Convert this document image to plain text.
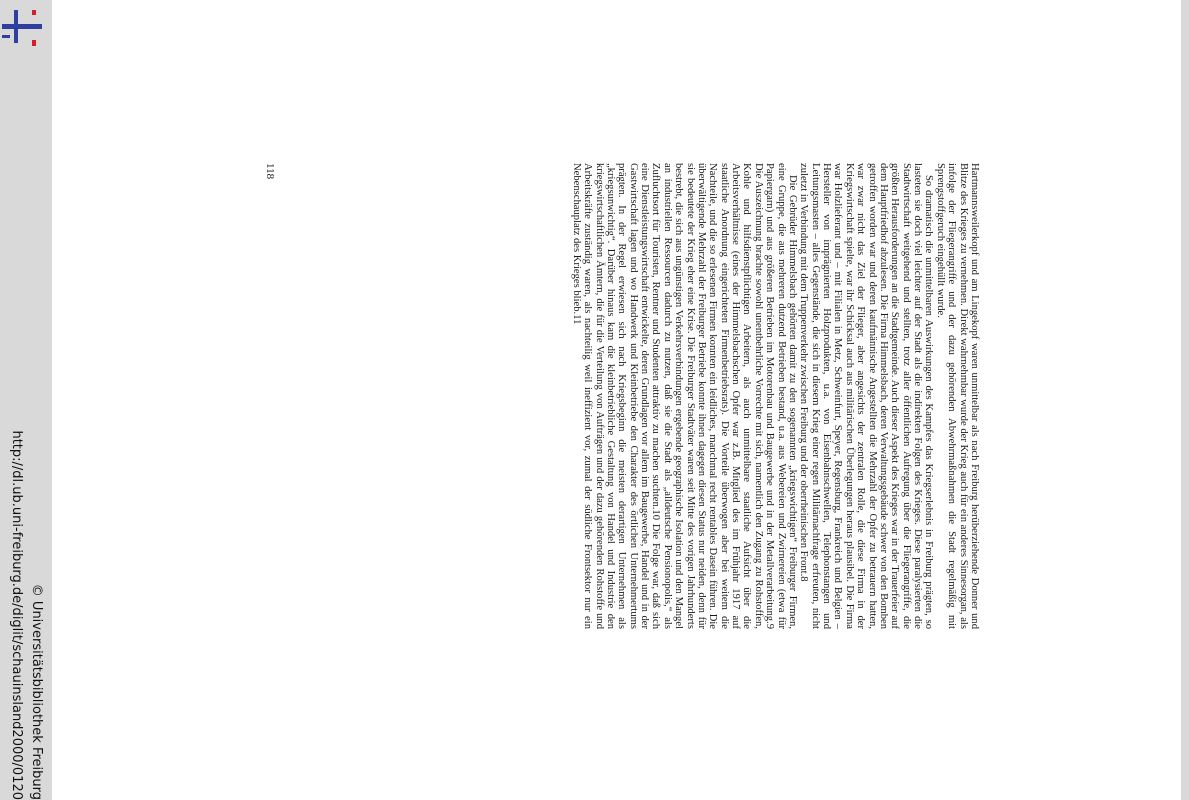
http://dl.ub.uni-freiburg.de/diglit/schauinsland2000/0120 © Universitätsbibliothek Freiburg

Hartmannsweilerkopf und am Lingekopf waren unmittelbar als nach Freiburg herüberziehende Donner und Blitze des Krieges zu vernehmen. Direkt wahrnehmbar wurde der Krieg auch für ein anderes Sinnesorgan, als infolge der Fliegerangriffe und der dazu gehörenden Abwehrmaßnahmen die Stadt regelmäßig mit Sprengstoffgeruch eingehüllt wurde.

So dramatisch die unmittelbaren Auswirkungen des Kampfes das Kriegserlebnis in Freiburg prägten, so lasteten sie doch viel leichter auf der Stadt als die indirekten Folgen des Krieges. Diese paralysierten die Stadtwirtschaft weitgehend und stellten, trotz aller öffentlichen Aufregung über die Fliegerangriffe, die größten Herausforderungen an die Stadtgemeinde. Auch dieser Aspekt des Krieges war in der Trauerfeier auf dem Hauptfriedhof abzulesen. Die Firma Himmelsbach, deren Verwaltungsgebäude schwer von den Bomben getroffen worden war und deren kaufmännische Angestellten die Mehrzahl der Opfer zu betrauern hatten, war zwar nicht das Ziel der Flieger, aber angesichts der zentralen Rolle, die diese Firma in der Kriegswirtschaft spielte, war ihr Schicksal auch aus militärischen Überlegungen heraus plausibel. Die Firma war Holzlieferant und – mit Filialen in Metz, Schweinfurt, Speyer, Regensburg, Frankreich und Belgien – Hersteller von imprägnierten Holzprodukten, u.a. von Eisenbahnschwellen, Telephonstangen und Leitungsmasten – alles Gegenstände, die sich in diesem Krieg einer regen Militärnachfrage erfreuten, nicht zuletzt in Verbindung mit dem Truppenverkehr zwischen Freiburg und der oberrheinischen Front.8

Die Gebrüder Himmelsbach gehörten damit zu den sogenannten „kriegswichtigen“ Freiburger Firmen, eine Gruppe, die aus mehreren dutzend Betrieben bestand, u.a. aus Webereien und Zwirnereien (etwa für Papiergarn) und aus größeren Betrieben im Motorenbau und Baugewerbe und in der Metallverarbeitung.9 Die Auszeichnung brachte sowohl unentbehrliche Vorrechte mit sich, namentlich den Zugang zu Rohstoffen, Kohle und hilfsdienstpflichtigen Arbeitern, als auch unmittelbare staatliche Aufsicht über die Arbeitsverhältnisse (eines der Himmelsbachschen Opfer war z.B. Mitglied des im Frühjahr 1917 auf staatliche Anordnung eingerichteten Firmenbetriebsrats). Die Vorteile überwogen aber bei weitem die Nachteile, und die so erlesenen Firmen konnten ein leidliches, manchmal recht rentables Dasein führen. Die überwältigende Mehrzahl der Freiburger Betriebe konnte ihnen dagegen diesen Status nur neiden, denn für sie bedeutete der Krieg eher eine Krise. Die Freiburger Stadtväter waren seit Mitte des vorigen Jahrhunderts bestrebt, die sich aus ungünstigen Verkehrsverbindungen ergebende geographische Isolation und den Mangel an industriellen Ressourcen dadurch zu nutzen, daß sie die Stadt als „alldeutsche Pensionopolis,“ als Zufluchtsort für Touristen, Rentner und Studenten attraktiv zu machen suchten.10 Die Folge war, daß sich eine Dienstleistungswirtschaft entwickelte, deren Grundlagen vor allem im Baugewerbe, Handel und in der Gastwirtschaft lagen und wo Handwerk und Kleinbetriebe den Charakter des örtlichen Unternehmertums prägten. In der Regel erwiesen sich nach Kriegsbeginn die meisten derartigen Unternehmen als „kriegsunwichtig“. Darüber hinaus kam die kleinbetriebliche Gestaltung von Handel und Industrie den kriegswirtschaftlichen Ämtern, die für die Verteilung von Aufträgen und der dazu gehörenden Rohstoffe und Arbeitskräfte zuständig waren, als nachteilig weil ineffizient vor, zumal der südliche Frontsektor nur ein Nebenschauplatz des Krieges blieb.11

118
